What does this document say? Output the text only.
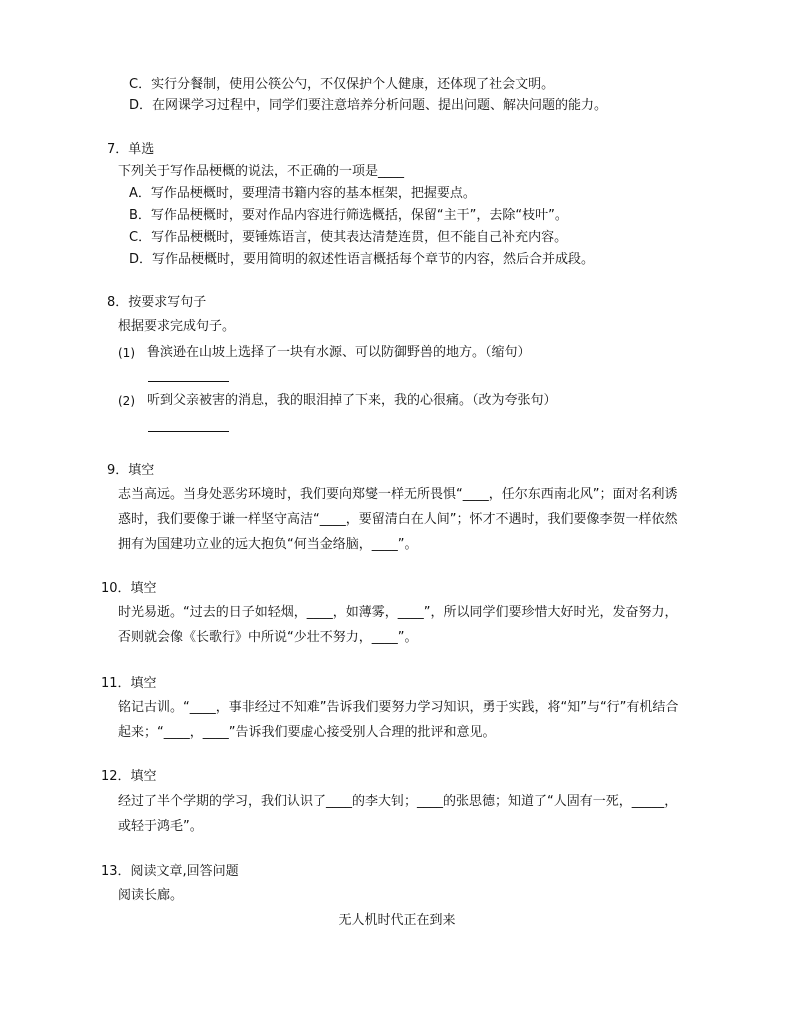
C．实行分餐制，使用公筷公勺，不仅保护个人健康，还体现了社会文明。
D．在网课学习过程中，同学们要注意培养分析问题、提出问题、解决问题的能力。
7．单选
下列关于写作品梗概的说法，不正确的一项是____
A．写作品梗概时，要理清书籍内容的基本框架，把握要点。
B．写作品梗概时，要对作品内容进行筛选概括，保留“主干”，去除“枝叶”。
C．写作品梗概时，要锤炼语言，使其表达清楚连贯，但不能自己补充内容。
D．写作品梗概时，要用简明的叙述性语言概括每个章节的内容，然后合并成段。
8．按要求写句子
根据要求完成句子。
(1) 鲁滨逊在山坡上选择了一块有水源、可以防御野兽的地方。（缩句）
(2) 听到父亲被害的消息，我的眼泪掉了下来，我的心很痛。（改为夸张句）
9．填空
志当高远。当身处恶劣环境时，我们要向郑燮一样无所畏惧“____，任尔东西南北风”；面对名利诱
惑时，我们要像于谦一样坚守高洁“____，要留清白在人间”；怀才不遇时，我们要像李贺一样依然
拥有为国建功立业的远大抱负“何当金络脑，____”。
10．填空
时光易逝。“过去的日子如轻烟，____，如薄雾，____”，所以同学们要珍惜大好时光，发奋努力，
否则就会像《长歌行》中所说“少壮不努力，____”。
11．填空
铭记古训。“____，事非经过不知难”告诉我们要努力学习知识，勇于实践，将“知”与“行”有机结合
起来；“____，____”告诉我们要虚心接受别人合理的批评和意见。
12．填空
经过了半个学期的学习，我们认识了____的李大钊；____的张思德；知道了“人固有一死，_____，
或轻于鸿毛”。
13．阅读文章,回答问题
阅读长廊。
无人机时代正在到来
